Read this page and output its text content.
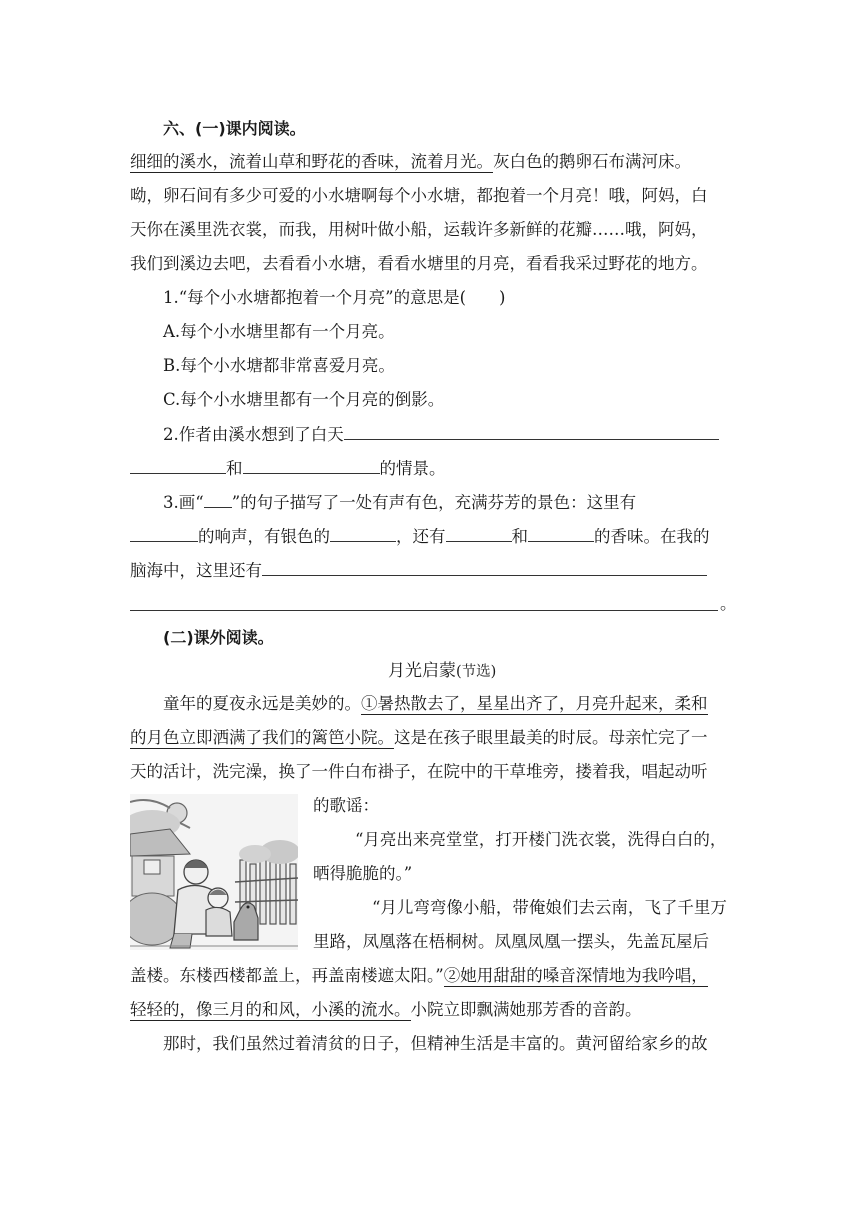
六、(一)课内阅读。
细细的溪水，流着山草和野花的香味，流着月光。灰白色的鹅卵石布满河床。
呦，卵石间有多少可爱的小水塘啊每个小水塘，都抱着一个月亮！哦，阿妈，白
天你在溪里洗衣裳，而我，用树叶做小船，运载许多新鲜的花瓣……哦，阿妈，
我们到溪边去吧，去看看小水塘，看看水塘里的月亮，看看我采过野花的地方。
1.“每个小水塘都抱着一个月亮”的意思是(　　)
A.每个小水塘里都有一个月亮。
B.每个小水塘都非常喜爱月亮。
C.每个小水塘里都有一个月亮的倒影。
2.作者由溪水想到了白天
和	的情景。
3.画“ ”的句子描写了一处有声有色，充满芬芳的景色：这里有
的响声，有银色的	，还有	和	的香味。在我的
脑海中，这里还有
。
(二)课外阅读。
月光启蒙(节选)
童年的夏夜永远是美妙的。①暑热散去了，星星出齐了，月亮升起来，柔和
的月色立即洒满了我们的篱笆小院。这是在孩子眼里最美的时辰。母亲忙完了一
天的活计，洗完澡，换了一件白布褂子，在院中的干草堆旁，搂着我，唱起动听
的歌谣：
“月亮出来亮堂堂，打开楼门洗衣裳，洗得白白的，
晒得脆脆的。”
“月儿弯弯像小船，带俺娘们去云南，飞了千里万
里路，凤凰落在梧桐树。凤凰凤凰一摆头，先盖瓦屋后
盖楼。东楼西楼都盖上，再盖南楼遮太阳。”②她用甜甜的嗓音深情地为我吟唱，
轻轻的，像三月的和风，小溪的流水。小院立即飘满她那芳香的音韵。
那时，我们虽然过着清贫的日子，但精神生活是丰富的。黄河留给家乡的故
